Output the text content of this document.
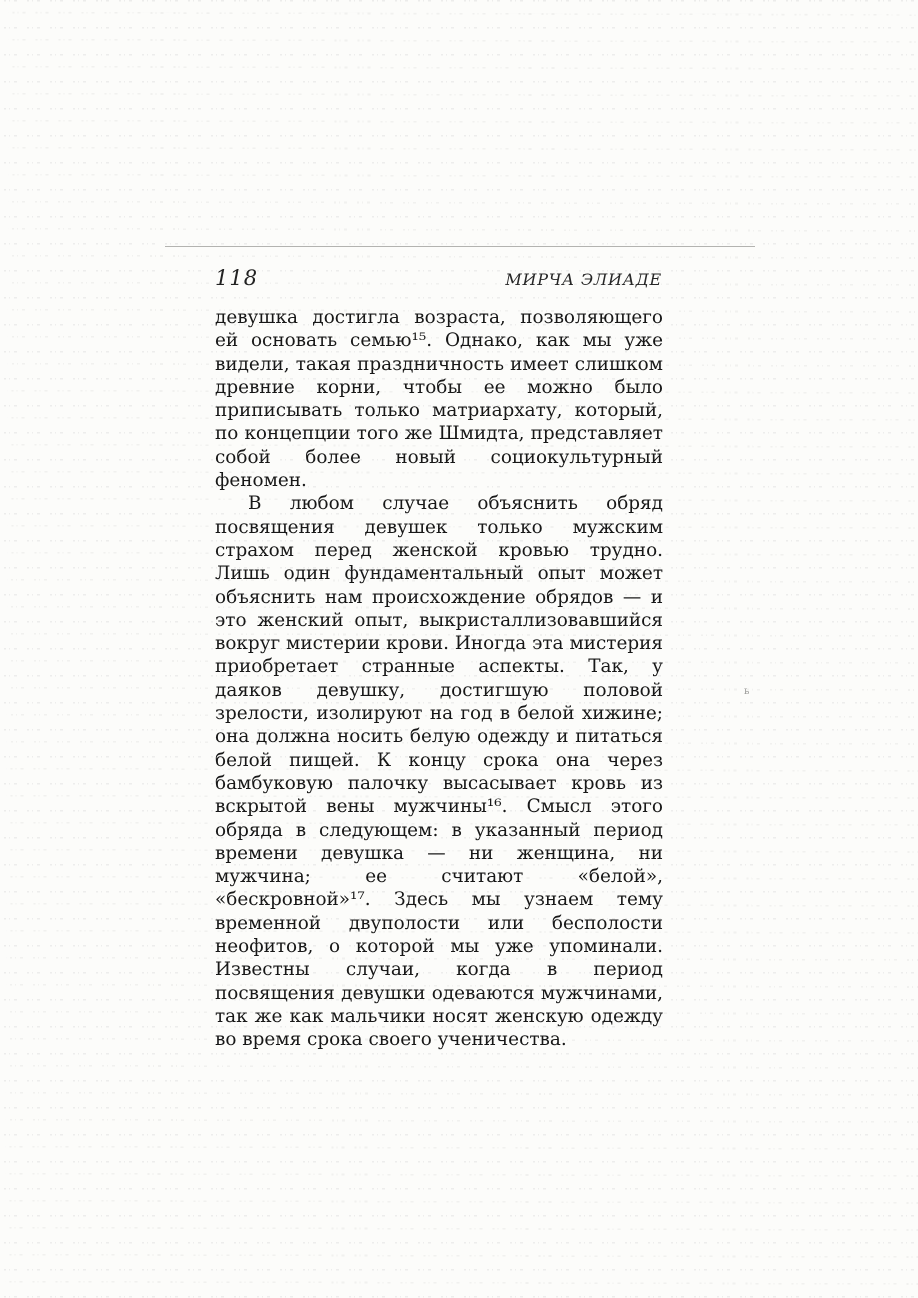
118	МИРЧА ЭЛИАДЕ

девушка достигла возраста, позволяющего ей основать семью¹⁵. Однако, как мы уже видели, такая праздничность имеет слишком древние корни, чтобы ее можно было приписывать только матриархату, который, по концепции того же Шмидта, представляет собой более новый социокультурный феномен.

В любом случае объяснить обряд посвящения девушек только мужским страхом перед женской кровью трудно. Лишь один фундаментальный опыт может объяснить нам происхождение обрядов — и это женский опыт, выкристаллизовавшийся вокруг мистерии крови. Иногда эта мистерия приобретает странные аспекты. Так, у даяков девушку, достигшую половой зрелости, изолируют на год в белой хижине; она должна носить белую одежду и питаться белой пищей. К концу срока она через бамбуковую палочку высасывает кровь из вскрытой вены мужчины¹⁶. Смысл этого обряда в следующем: в указанный период времени девушка — ни женщина, ни мужчина; ее считают «белой», «бескровной»¹⁷. Здесь мы узнаем тему временной двуполости или бесполости неофитов, о которой мы уже упоминали. Известны случаи, когда в период посвящения девушки одеваются мужчинами, так же как мальчики носят женскую одежду во время срока своего ученичества.

ь
